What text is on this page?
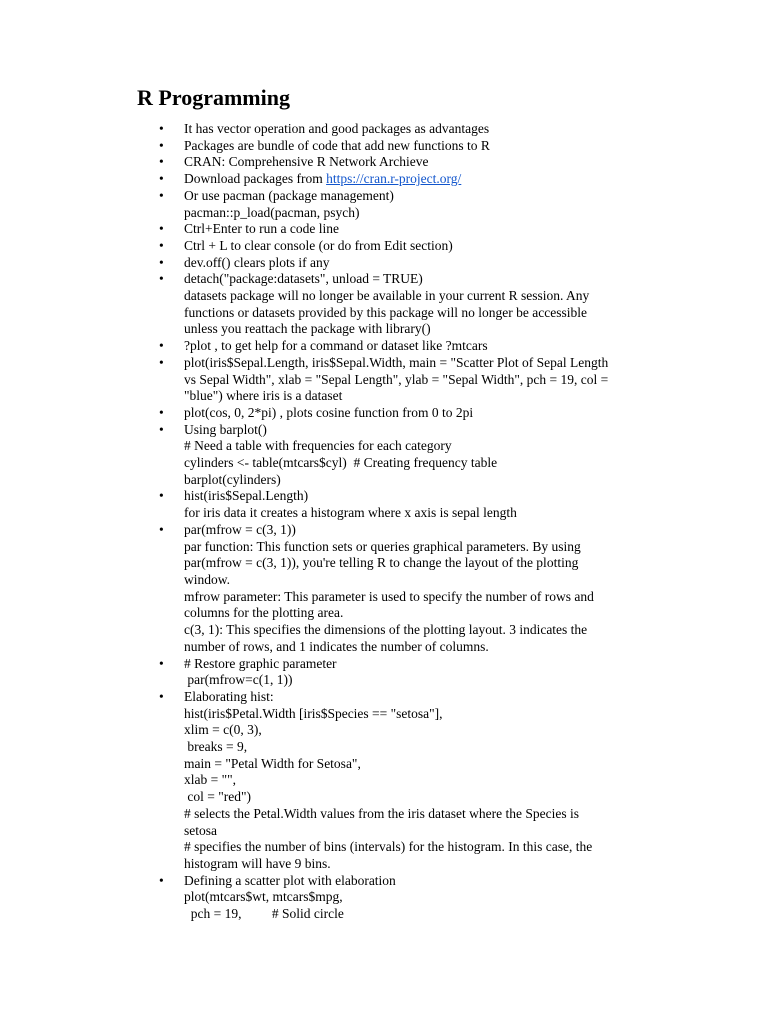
R Programming
• It has vector operation and good packages as advantages
• Packages are bundle of code that add new functions to R
• CRAN: Comprehensive R Network Archieve
• Download packages from https://cran.r-project.org/
• Or use pacman (package management)
pacman::p_load(pacman, psych)
• Ctrl+Enter to run a code line
• Ctrl + L to clear console (or do from Edit section)
• dev.off() clears plots if any
• detach("package:datasets", unload = TRUE)
datasets package will no longer be available in your current R session. Any
functions or datasets provided by this package will no longer be accessible
unless you reattach the package with library()
• ?plot , to get help for a command or dataset like ?mtcars
• plot(iris$Sepal.Length, iris$Sepal.Width, main = "Scatter Plot of Sepal Length
vs Sepal Width", xlab = "Sepal Length", ylab = "Sepal Width", pch = 19, col =
"blue") where iris is a dataset
• plot(cos, 0, 2*pi) , plots cosine function from 0 to 2pi
• Using barplot()
# Need a table with frequencies for each category
cylinders <- table(mtcars$cyl)  # Creating frequency table
barplot(cylinders)
• hist(iris$Sepal.Length)
for iris data it creates a histogram where x axis is sepal length
• par(mfrow = c(3, 1))
par function: This function sets or queries graphical parameters. By using
par(mfrow = c(3, 1)), you're telling R to change the layout of the plotting
window.
mfrow parameter: This parameter is used to specify the number of rows and
columns for the plotting area.
c(3, 1): This specifies the dimensions of the plotting layout. 3 indicates the
number of rows, and 1 indicates the number of columns.
• # Restore graphic parameter
par(mfrow=c(1, 1))
• Elaborating hist:
hist(iris$Petal.Width [iris$Species == "setosa"],
xlim = c(0, 3),
breaks = 9,
main = "Petal Width for Setosa",
xlab = "",
col = "red")
# selects the Petal.Width values from the iris dataset where the Species is
setosa
# specifies the number of bins (intervals) for the histogram. In this case, the
histogram will have 9 bins.
• Defining a scatter plot with elaboration
plot(mtcars$wt, mtcars$mpg,
pch = 19,         # Solid circle
